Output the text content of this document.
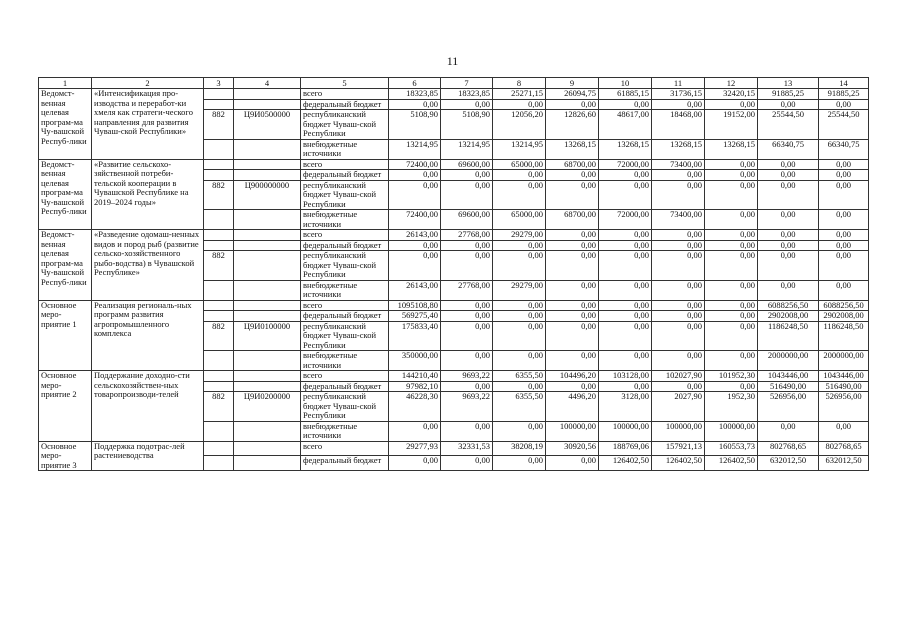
11
1	2	3	4	5	6	7	8	9	10	11	12	13	14
Ведомст-венная целевая програм-ма Чу-вашской Респуб-лики	«Интенсификация про-изводства и переработ-ки хмеля как стратеги-ческого направления для развития Чуваш-ской Республики»			всего	18323,85	18323,85	25271,15	26094,75	61885,15	31736,15	32420,15	91885,25	91885,25
				федеральный бюджет	0,00	0,00	0,00	0,00	0,00	0,00	0,00	0,00	0,00
		882	Ц9И0500000	республиканский бюджет Чуваш-ской Республики	5108,90	5108,90	12056,20	12826,60	48617,00	18468,00	19152,00	25544,50	25544,50
				внебюджетные источники	13214,95	13214,95	13214,95	13268,15	13268,15	13268,15	13268,15	66340,75	66340,75
Ведомст-венная целевая програм-ма Чу-вашской Респуб-лики	«Развитие сельскохо-зяйственной потреби-тельской кооперации в Чувашской Республике на 2019–2024 годы»			всего	72400,00	69600,00	65000,00	68700,00	72000,00	73400,00	0,00	0,00	0,00
				федеральный бюджет	0,00	0,00	0,00	0,00	0,00	0,00	0,00	0,00	0,00
		882	Ц900000000	республиканский бюджет Чуваш-ской Республики	0,00	0,00	0,00	0,00	0,00	0,00	0,00	0,00	0,00
				внебюджетные источники	72400,00	69600,00	65000,00	68700,00	72000,00	73400,00	0,00	0,00	0,00
Ведомст-венная целевая програм-ма Чу-вашской Респуб-лики	«Разведение одомаш-ненных видов и пород рыб (развитие сельско-хозяйственного рыбо-водства) в Чувашской Республике»			всего	26143,00	27768,00	29279,00	0,00	0,00	0,00	0,00	0,00	0,00
				федеральный бюджет	0,00	0,00	0,00	0,00	0,00	0,00	0,00	0,00	0,00
		882		республиканский бюджет Чуваш-ской Республики	0,00	0,00	0,00	0,00	0,00	0,00	0,00	0,00	0,00
				внебюджетные источники	26143,00	27768,00	29279,00	0,00	0,00	0,00	0,00	0,00	0,00
Основное меро-приятие 1	Реализация региональ-ных программ развития агропромышленного комплекса			всего	1095108,80	0,00	0,00	0,00	0,00	0,00	0,00	6088256,50	6088256,50
				федеральный бюджет	569275,40	0,00	0,00	0,00	0,00	0,00	0,00	2902008,00	2902008,00
		882	Ц9И0100000	республиканский бюджет Чуваш-ской Республики	175833,40	0,00	0,00	0,00	0,00	0,00	0,00	1186248,50	1186248,50
				внебюджетные источники	350000,00	0,00	0,00	0,00	0,00	0,00	0,00	2000000,00	2000000,00
Основное меро-приятие 2	Поддержание доходно-сти сельскохозяйствен-ных товаропроизводи-телей			всего	144210,40	9693,22	6355,50	104496,20	103128,00	102027,90	101952,30	1043446,00	1043446,00
				федеральный бюджет	97982,10	0,00	0,00	0,00	0,00	0,00	0,00	516490,00	516490,00
		882	Ц9И0200000	республиканский бюджет Чуваш-ской Республики	46228,30	9693,22	6355,50	4496,20	3128,00	2027,90	1952,30	526956,00	526956,00
				внебюджетные источники	0,00	0,00	0,00	100000,00	100000,00	100000,00	100000,00	0,00	0,00
Основное меро-приятие 3	Поддержка подотрас-лей растениеводства			всего	29277,93	32331,53	38208,19	30920,56	188769,06	157921,13	160553,73	802768,65	802768,65
				федеральный бюджет	0,00	0,00	0,00	0,00	126402,50	126402,50	126402,50	632012,50	632012,50
